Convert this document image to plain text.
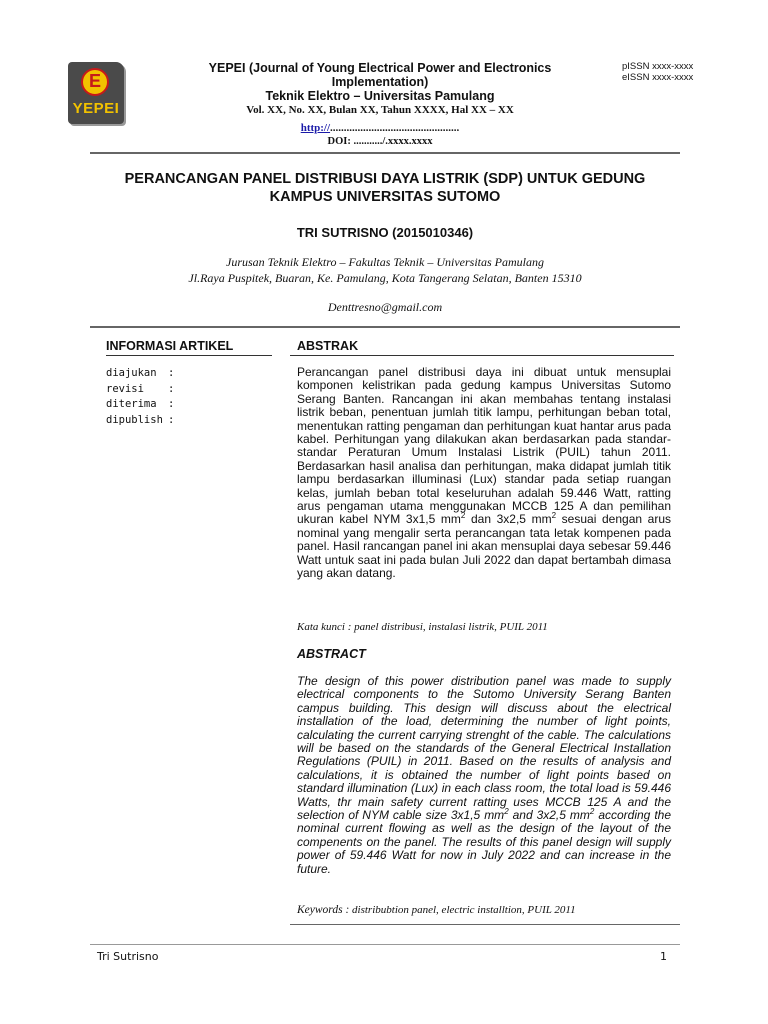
E
YEPEI
YEPEI (Journal of Young Electrical Power and Electronics
Implementation)
Teknik Elektro – Universitas Pamulang
Vol. XX, No. XX, Bulan XX, Tahun XXXX, Hal XX – XX
http://...............................................
DOI: .........../.xxxx.xxxx
pISSN xxxx-xxxx
eISSN xxxx-xxxx
PERANCANGAN PANEL DISTRIBUSI DAYA LISTRIK (SDP) UNTUK GEDUNG
KAMPUS UNIVERSITAS SUTOMO
TRI SUTRISNO (2015010346)
Jurusan Teknik Elektro – Fakultas Teknik – Universitas Pamulang
Jl.Raya Puspitek, Buaran, Ke. Pamulang, Kota Tangerang Selatan, Banten 15310
Denttresno@gmail.com
INFORMASI ARTIKEL	ABSTRAK
diajukan :
revisi :
diterima :
dipublish :

Perancangan panel distribusi daya ini dibuat untuk mensuplai komponen kelistrikan pada gedung kampus Universitas Sutomo Serang Banten. Rancangan ini akan membahas tentang instalasi listrik beban, penentuan jumlah titik lampu, perhitungan beban total, menentukan ratting pengaman dan perhitungan kuat hantar arus pada kabel. Perhitungan yang dilakukan akan berdasarkan pada standar-standar Peraturan Umum Instalasi Listrik (PUIL) tahun 2011. Berdasarkan hasil analisa dan perhitungan, maka didapat jumlah titik lampu berdasarkan illuminasi (Lux) standar pada setiap ruangan kelas, jumlah beban total keseluruhan adalah 59.446 Watt, ratting arus pengaman utama menggunakan MCCB 125 A dan pemilihan ukuran kabel NYM 3x1,5 $mm^2$ dan 3x2,5 $mm^2$ sesuai dengan arus nominal yang mengalir serta perancangan tata letak kompenen pada panel. Hasil rancangan panel ini akan mensuplai daya sebesar 59.446 Watt untuk saat ini pada bulan Juli 2022 dan dapat bertambah dimasa yang akan datang.

Kata kunci : panel distribusi, instalasi listrik, PUIL 2011
ABSTRACT

The design of this power distribution panel was made to supply electrical components to the Sutomo University Serang Banten campus building. This design will discuss about the electrical installation of the load, determining the number of light points, calculating the current carrying strenght of the cable. The calculations will be based on the standards of the General Electrical Installation Regulations (PUIL) in 2011. Based on the results of analysis and calculations, it is obtained the number of light points based on standard illumination (Lux) in each class room, the total load is 59.446 Watts, thr main safety current ratting uses MCCB 125 A and the selection of NYM cable size 3x1,5 $mm^2$ and 3x2,5 $mm^2$ according the nominal current flowing as well as the design of the layout of the compenents on the panel. The results of this panel design will supply power of 59.446 Watt for now in July 2022 and can increase in the future.

Keywords : distribubtion panel, electric installtion, PUIL 2011
Tri Sutrisno	1
